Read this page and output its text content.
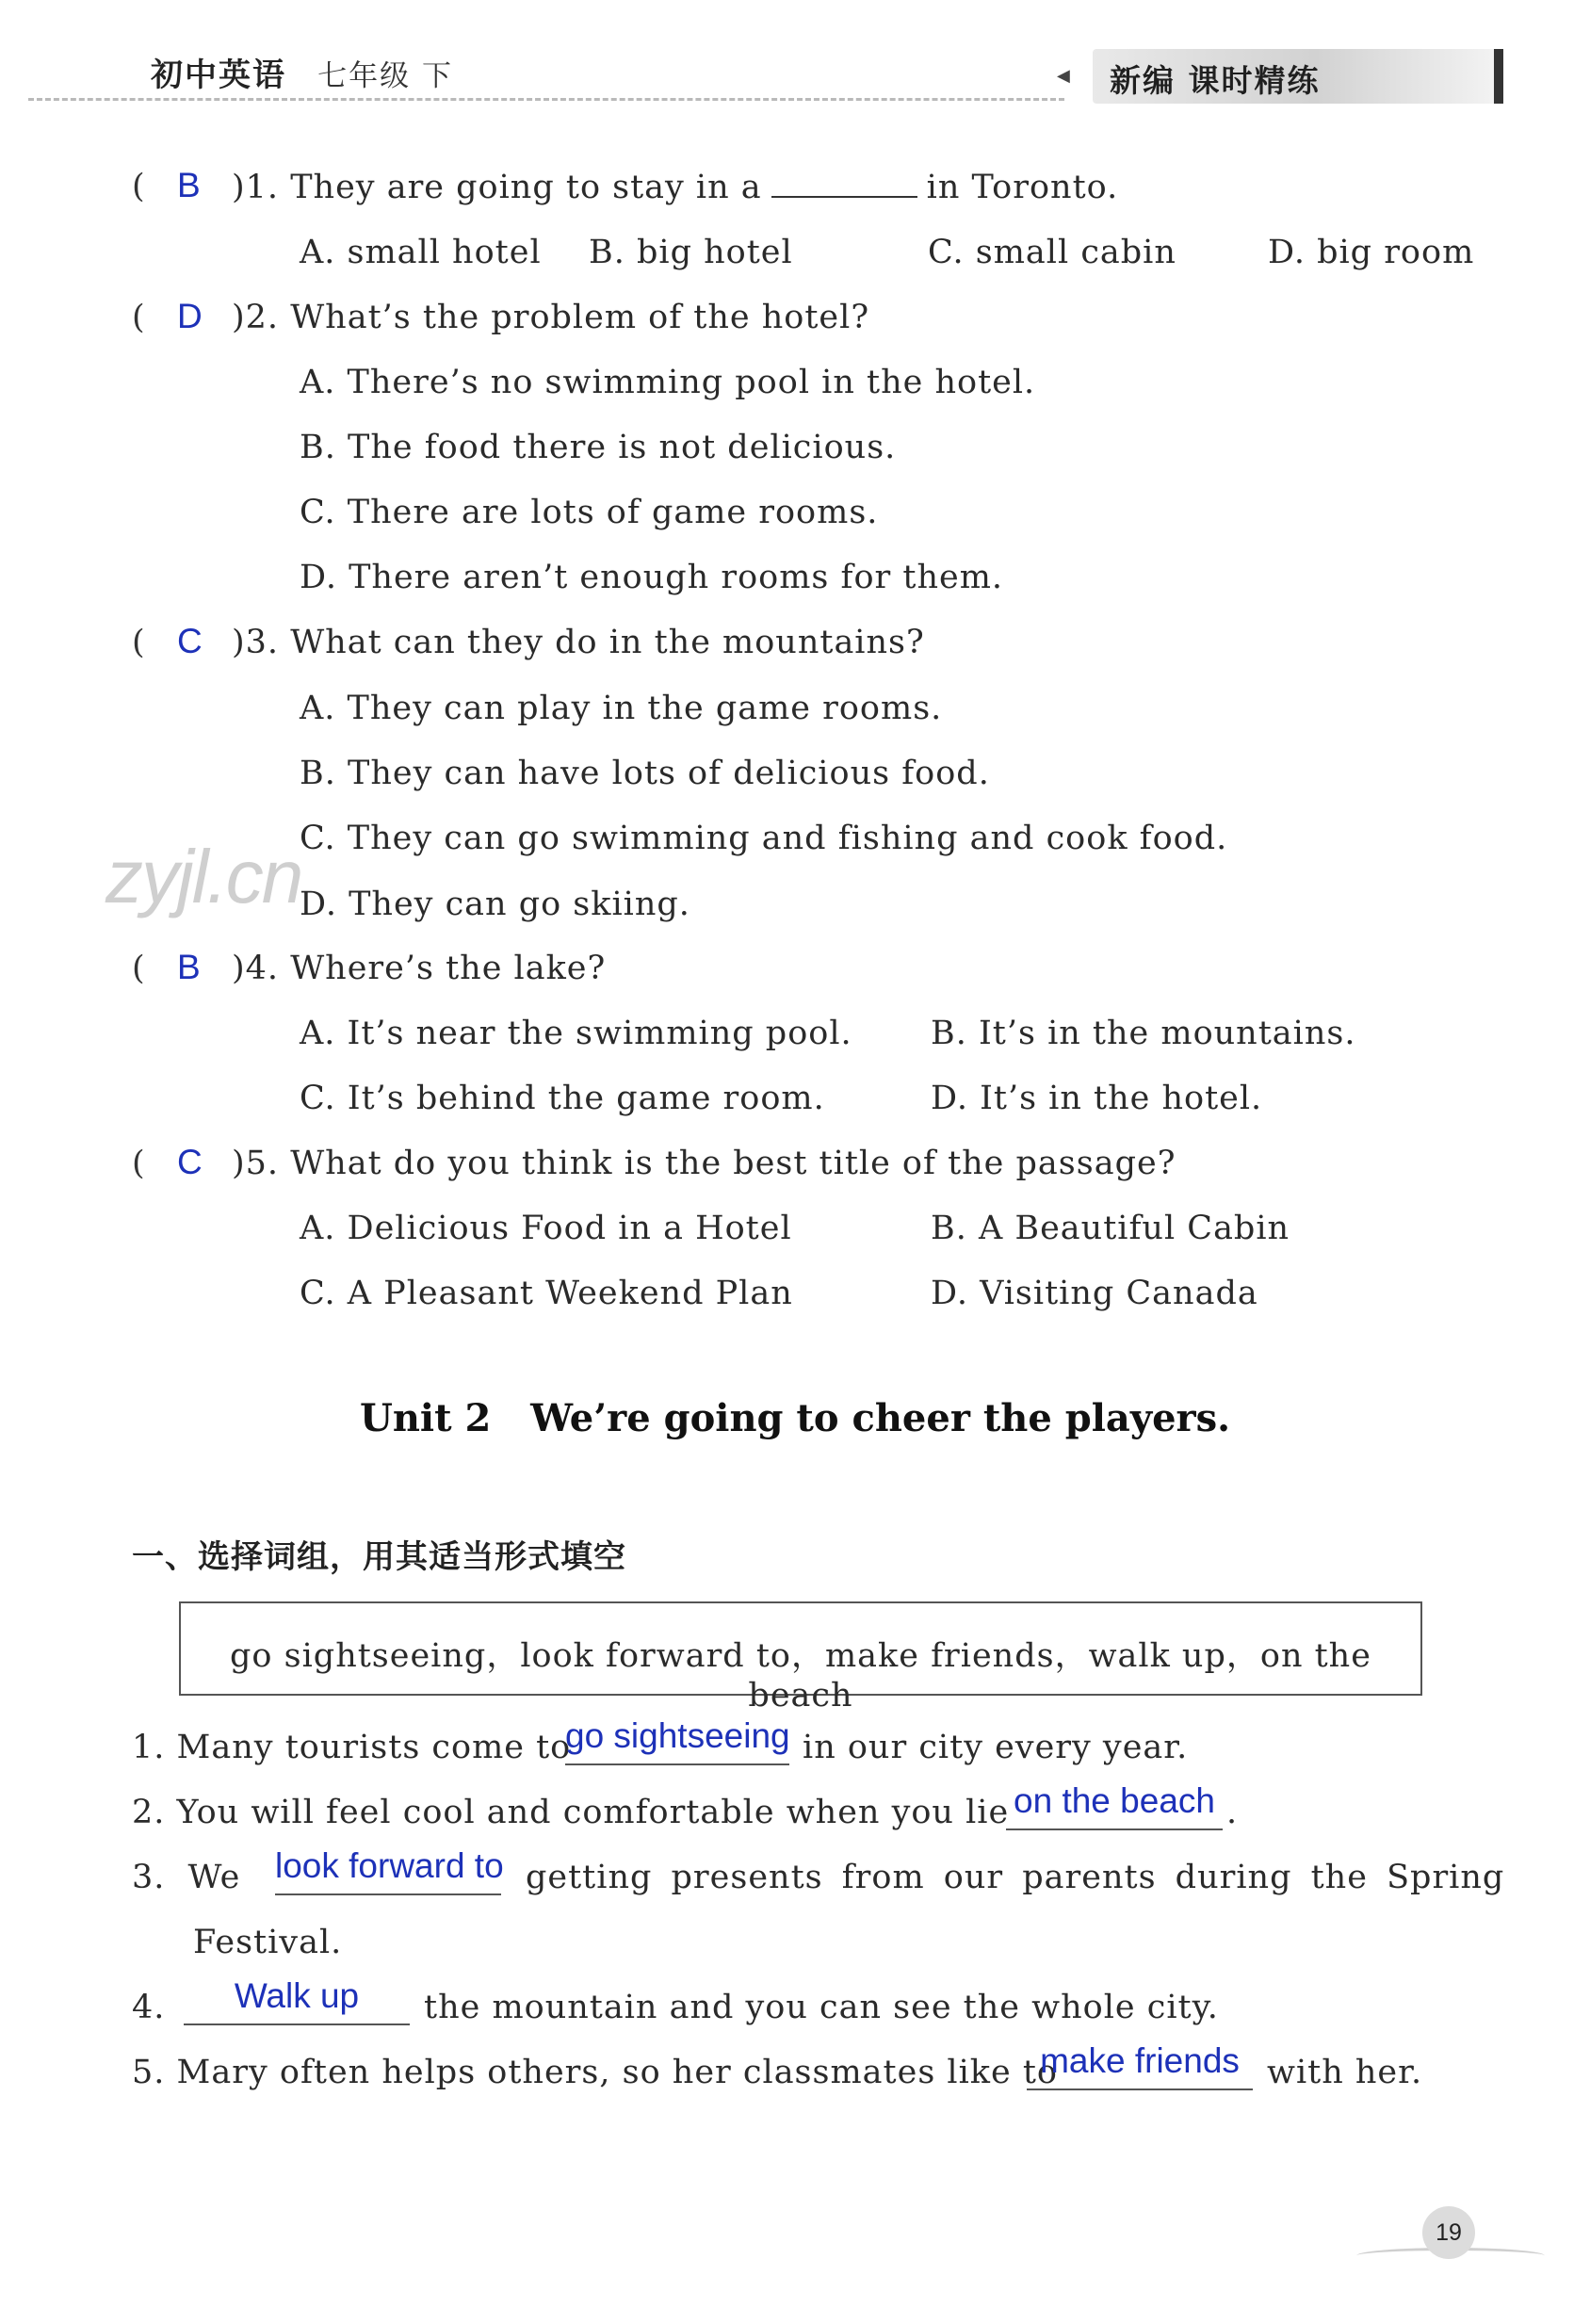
初中英语 七年级 下	◀ 新编 课时精练
( B )1. They are going to stay in a	in Toronto.
A. small hotel B. big hotel	C. small cabin	D. big room
( D )2. What’s the problem of the hotel?
A. There’s no swimming pool in the hotel.
B. The food there is not delicious.
C. There are lots of game rooms.
D. There aren’t enough rooms for them.
( C )3. What can they do in the mountains?
A. They can play in the game rooms.
B. They can have lots of delicious food.
C. They can go swimming and fishing and cook food.
D. They can go skiing.
zyjl.cn
( B )4. Where’s the lake?
A. It’s near the swimming pool. B. It’s in the mountains.
C. It’s behind the game room.	D. It’s in the hotel.
( C )5. What do you think is the best title of the passage?
A. Delicious Food in a Hotel	B. A Beautiful Cabin
C. A Pleasant Weekend Plan	D. Visiting Canada
Unit 2   We’re going to cheer the players.
一、选择词组，用其适当形式填空
go sightseeing，look forward to，make friends，walk up，on the beach
1. Many tourists come to
go sightseeing in our city every year.
2. You will feel cool and comfortable when you lie on the beach .
3. We look forward to getting presents from our parents during the Spring
Festival.
4.	Walk up	the mountain and you can see the whole city.
5. Mary often helps others, so her classmates like to
make friends with her.
19
